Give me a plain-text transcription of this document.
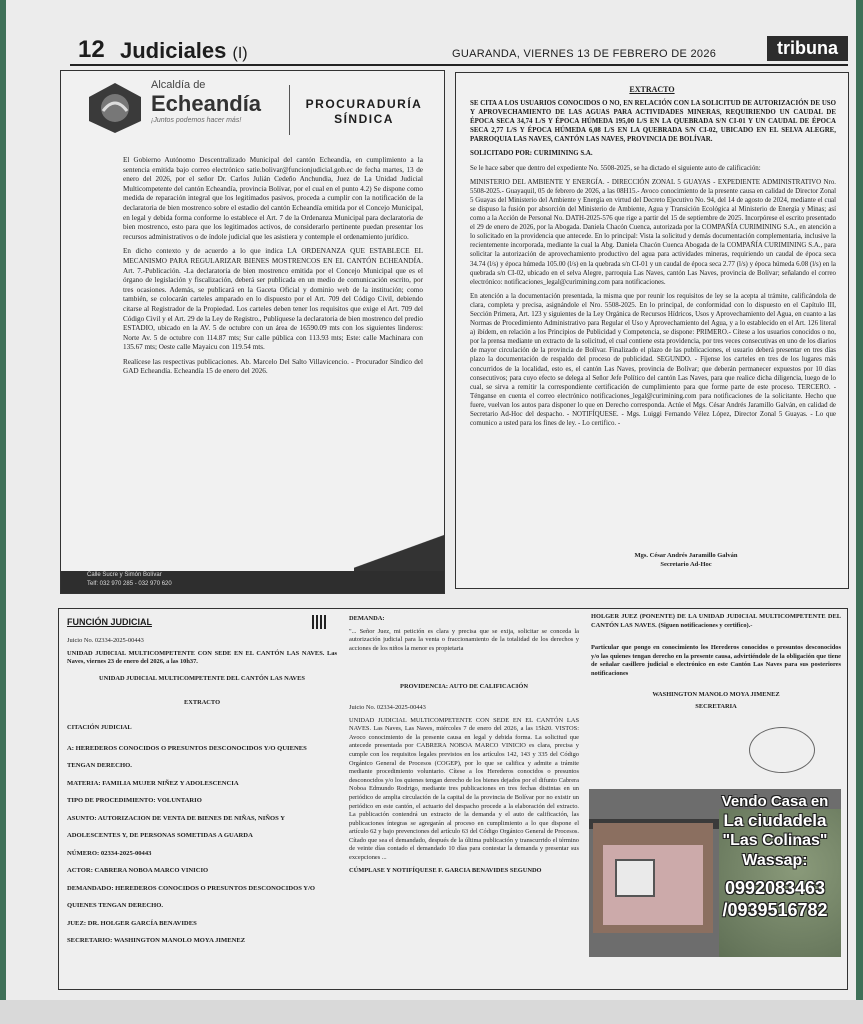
12 Judiciales (I)	GUARANDA, VIERNES 13 DE FEBRERO DE 2026	tribuna
Alcaldía de
Echeandía
¡Juntos podemos hacer más!
PROCURADURÍA
SÍNDICA

El Gobierno Autónomo Descentralizado Municipal del cantón Echeandía, en cumplimiento a la sentencia emitida bajo correo electrónico satie.bolivar@funcionjudicial.gob.ec de fecha martes, 13 de enero del 2026, por el señor Dr. Carlos Julián Cedeño Anchundia, Juez de La Unidad Judicial Multicompetente del cantón Echeandía, provincia Bolívar, por el cual en el punto 4.2) Se dispone como medida de reparación integral que los legitimados pasivos, proceda a cumplir con la notificación de la declaratoria de bien mostrenco sobre el estadio del cantón Echeandía emitida por el Concejo Municipal, en legal y debida forma conforme lo establece el Art. 7 de la Ordenanza Municipal para declaratoria de bien mostrenco, esto para que los legitimados activos, de considerarlo pertinente puedan presentar los recursos administrativos o de índole judicial que les asistiera y contemple el ordenamiento jurídico.

En dicho contexto y de acuerdo a lo que indica LA ORDENANZA QUE ESTABLECE EL MECANISMO PARA REGULARIZAR BIENES MOSTRENCOS EN EL CANTÓN ECHEANDÍA. Art. 7.-Publicación. -La declaratoria de bien mostrenco emitida por el Concejo Municipal que es el órgano de legislación y fiscalización, deberá ser publicada en un medio de comunicación escrito, por tres ocasiones. Además, se publicará en la Gaceta Oficial y dominio web de la institución; como también, se colocarán carteles amparado en lo dispuesto por el Art. 709 del Código Civil, debiendo citarse al Registrador de la Propiedad. Los carteles deben tener los requisitos que exige el Art. 709 del Código Civil y el Art. 29 de la Ley de Registro., Publíquese la declaratoria de bien mostrenco del predio ESTADIO, ubicado en la AV. 5 de octubre con un área de 16590.09 mts con los siguientes linderos: Norte Av. 5 de octubre con 114.87 mts; Sur calle pública con 113.93 mts; Este: calle Machinara con 135.67 mts; Oeste calle Mayaicu con 119.54 mts.

Realícese las respectivas publicaciones. Ab. Marcelo Del Salto Villavicencio. - Procurador Síndico del GAD Echeandía. Echeandía 15 de enero del 2026.

Calle Sucre y Simón Bolívar
Telf: 032 970 285 - 032 970 620
EXTRACTO

SE CITA A LOS USUARIOS CONOCIDOS O NO, EN RELACIÓN CON LA SOLICITUD DE AUTORIZACIÓN DE USO Y APROVECHAMIENTO DE LAS AGUAS PARA ACTIVIDADES MINERAS, REQUIRIENDO UN CAUDAL DE ÉPOCA SECA 34,74 L/S Y ÉPOCA HÚMEDA 195,00 L/S EN LA QUEBRADA S/N CI-01 Y UN CAUDAL DE ÉPOCA SECA 2,77 L/S Y ÉPOCA HÚMEDA 6,08 L/S EN LA QUEBRADA S/N CI-02, UBICADO EN EL SELVA ALEGRE, PARROQUIA LAS NAVES, CANTÓN LAS NAVES, PROVINCIA DE BOLÍVAR.

SOLICITADO POR: CURIMINING S.A.

Se le hace saber que dentro del expediente No. 5508-2025, se ha dictado el siguiente auto de calificación:

MINISTERIO DEL AMBIENTE Y ENERGÍA. - DIRECCIÓN ZONAL 5 GUAYAS - EXPEDIENTE ADMINISTRATIVO Nro. 5508-2025.- Guayaquil, 05 de febrero de 2026, a las 08H15.- Avoco conocimiento de la presente causa en calidad de Director Zonal 5 Guayas del Ministerio del Ambiente y Energía en virtud del Decreto Ejecutivo No. 94, del 14 de agosto de 2024, mediante el cual se dispuso la fusión por absorción del Ministerio de Ambiente, Agua y Transición Ecológica al Ministerio de Energía y Minas; así como a la Acción de Personal No. DATH-2025-576 que rige a partir del 15 de septiembre de 2025. Incorpórese el escrito presentado el 29 de enero de 2026, por la Abogada. Daniela Chacón Cuenca, autorizada por la COMPAÑÍA CURIMINING S.A., en atención a lo solicitado en la providencia que antecede. En lo principal: Vista la solicitud y demás documentación complementaria, inclusive la recientemente incorporada, mediante la cual la Abg. Daniela Chacón Cuenca Abogada de la COMPAÑÍA CURIMINING S.A., para solicitar la autorización de aprovechamiento productivo del agua para actividades mineras, requiriendo un caudal de época seca 34.74 (l/s) y época húmeda 105.00 (l/s) en la quebrada s/n CI-01 y un caudal de época seca 2.77 (l/s) y época húmeda 6.08 (l/s) en la quebrada s/n CI-02, ubicado en el selva Alegre, parroquia Las Naves, cantón Las Naves, provincia de Bolívar; señalando el correo electrónico: notificaciones_legal@curimining.com para notificaciones.

En atención a la documentación presentada, la misma que por reunir los requisitos de ley se la acepta al trámite, calificándola de clara, completa y precisa, asignándole el Nro. 5508-2025. En lo principal, de conformidad con lo dispuesto en el Capítulo III, Sección Primera, Art. 123 y siguientes de la Ley Orgánica de Recursos Hídricos, Usos y Aprovechamiento del Agua, en cuanto a las Normas de Procedimiento Administrativo para Regular el Uso y Aprovechamiento del Agua, y a lo establecido en el Art. 126 literal a) ibídem, en relación a los Principios de Publicidad y Competencia, se dispone: PRIMERO.- Cítese a los usuarios conocidos o no, por la prensa mediante un extracto de la solicitud, el cual contiene esta providencia, por tres veces consecutivas en uno de los diarios de mayor circulación de la provincia de Bolívar. Finalizado el plazo de las publicaciones, el usuario deberá presentar en tres días plazo la documentación de respaldo del proceso de publicidad. SEGUNDO. - Fíjense los carteles en tres de los lugares más concurridos de la localidad, esto es, el cantón Las Naves, provincia de Bolívar; que deberán permanecer expuestos por 10 días consecutivos; para cuyo efecto se delega al Señor Jefe Político del cantón Las Naves, para que realice dicha diligencia, luego de lo cual, se sirva a remitir la correspondiente certificación de cumplimiento para que forme parte de este proceso. TERCERO. - Ténganse en cuenta el correo electrónico notificaciones_legal@curimining.com para notificaciones de la solicitante. Hecho que fuere, vuelvan los autos para disponer lo que en Derecho corresponda. Actúe el Mgs. César Andrés Jaramillo Galván, en calidad de Secretario Ad-Hoc del despacho. - NOTIFÍQUESE. - Mgs. Luiggi Fernando Vélez López, Director Zonal 5 Guayas. - Lo que comunico a usted para los fines de ley. - Lo certifico. -

Mgs. César Andrés Jaramillo Galván
Secretario Ad-Hoc
FUNCIÓN JUDICIAL

Juicio No. 02334-2025-00443

UNIDAD JUDICIAL MULTICOMPETENTE CON SEDE EN EL CANTÓN LAS NAVES. Las Naves, viernes 23 de enero del 2026, a las 10h37.

UNIDAD JUDICIAL MULTICOMPETENTE DEL CANTÓN LAS NAVES

EXTRACTO

CITACIÓN JUDICIAL

A: HEREDEROS CONOCIDOS O PRESUNTOS DESCONOCIDOS Y/O QUIENES

TENGAN DERECHO.

MATERIA: FAMILIA MUJER NIÑEZ Y ADOLESCENCIA

TIPO DE PROCEDIMIENTO: VOLUNTARIO

ASUNTO: AUTORIZACION DE VENTA DE BIENES DE NIÑAS, NIÑOS Y

ADOLESCENTES Y, DE PERSONAS SOMETIDAS A GUARDA

NÚMERO: 02334-2025-00443

ACTOR: CABRERA NOBOA MARCO VINICIO

DEMANDADO: HEREDEROS CONOCIDOS O PRESUNTOS DESCONOCIDOS Y/O

QUIENES TENGAN DERECHO.

JUEZ: DR. HOLGER GARCÍA BENAVIDES

SECRETARIO: WASHINGTON MANOLO MOYA JIMENEZ

DEMANDA:

"... Señor Juez, mi petición es clara y precisa que se exija, solicitar se conceda la autorización judicial para la venta o fraccionamiento de la totalidad de los derechos y acciones de los niños la menor es propietaria

PROVIDENCIA: AUTO DE CALIFICACIÓN

Juicio No. 02334-2025-00443

UNIDAD JUDICIAL MULTICOMPETENTE CON SEDE EN EL CANTÓN LAS NAVES. Las Naves, Las Naves, miércoles 7 de enero del 2026, a las 15h20. VISTOS: Avoco conocimiento de la presente causa en legal y debida forma. La solicitud que antecede presentada por CABRERA NOBOA MARCO VINICIO es clara, precisa y cumple con los requisitos legales previstos en los artículos 142, 143 y 335 del Código Orgánico General de Procesos (COGEP), por lo que se califica y admite a trámite mediante procedimiento voluntario. Cítese a los Herederos conocidos o presuntos desconocidos y/o los quienes tengan derecho de los bienes dejados por el difunto Cabrera Noboa Edmundo Rodrigo, mediante tres publicaciones en tres fechas distintas en un periódico de amplia circulación de la capital de la provincia de Bolívar por no existir un periódico en este cantón, el actuario del despacho procede a la elaboración del extracto. La publicación contendrá un extracto de la demanda y el auto de calificación, las publicaciones íntegras se agregarán al proceso en cumplimiento a lo que dispone el artículo 62 y bajo prevenciones del artículo 63 del Código Orgánico General de Procesos. Cítado que sea el demandado, después de la última publicación y transcurrido el término de veinte días contado el demandado 10 días para contestar la demanda y presentar sus excepciones ...

CÚMPLASE Y NOTIFÍQUESE F. GARCIA BENAVIDES SEGUNDO

HOLGER JUEZ (PONENTE) DE LA UNIDAD JUDICIAL MULTICOMPETENTE DEL CANTÓN LAS NAVES. (Siguen notificaciones y certifico).-

Particular que pongo en conocimiento los Herederos conocidos o presuntos desconocidos y/o las quienes tengan derecho en la presente causa, advirtiéndole de la obligación que tiene de señalar casillero judicial o electrónico en este Cantón Las Naves para sus posteriores notificaciones

WASHINGTON MANOLO MOYA JIMENEZ

SECRETARIA

Vendo Casa en
La ciudadela
"Las Colinas"
Wassap:
0992083463
/0939516782
